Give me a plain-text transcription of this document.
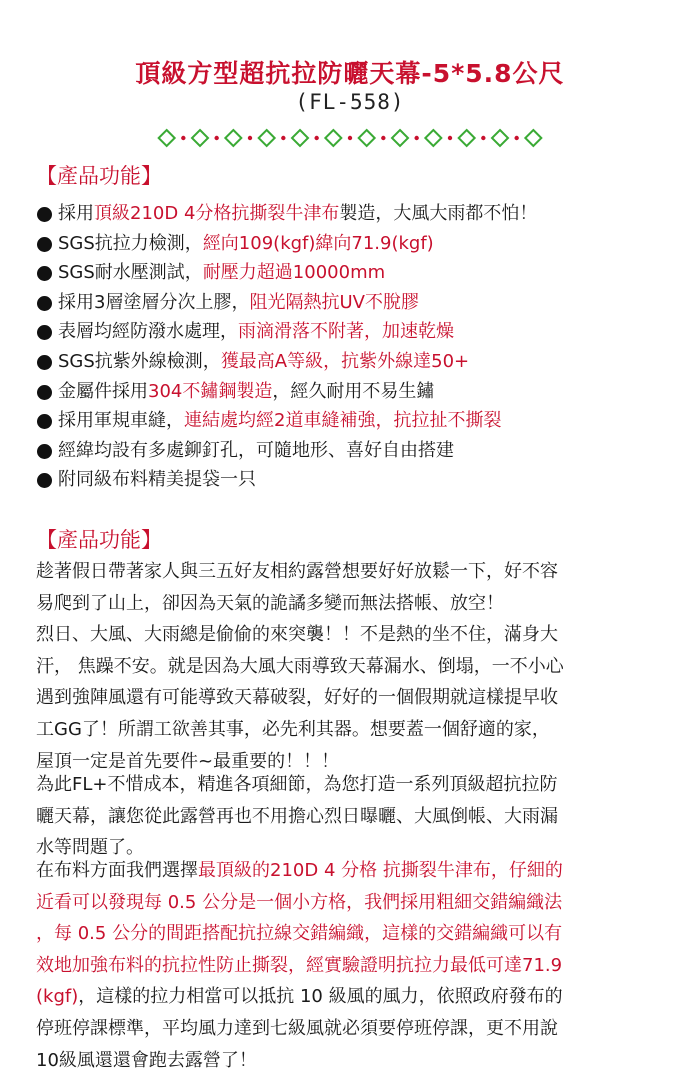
頂級方型超抗拉防曬天幕-5*5.8公尺
(FL-558)
【產品功能】
採用頂級210D 4分格抗撕裂牛津布製造，大風大雨都不怕！
SGS抗拉力檢測，經向109(kgf)緯向71.9(kgf)
SGS耐水壓測試，耐壓力超過10000mm
採用3層塗層分次上膠，阻光隔熱抗UV不脫膠
表層均經防潑水處理，雨滴滑落不附著，加速乾燥
SGS抗紫外線檢測，獲最高A等級，抗紫外線達50+
金屬件採用304不鏽鋼製造，經久耐用不易生鏽
採用軍規車縫，連結處均經2道車縫補強，抗拉扯不撕裂
經緯均設有多處鉚釘孔，可隨地形、喜好自由搭建
附同級布料精美提袋一只
【產品功能】
趁著假日帶著家人與三五好友相約露營想要好好放鬆一下，好不容
易爬到了山上，卻因為天氣的詭譎多變而無法搭帳、放空！
烈日、大風、大雨總是偷偷的來突襲！！不是熱的坐不住，滿身大
汗， 焦躁不安。就是因為大風大雨導致天幕漏水、倒塌，一不小心
遇到強陣風還有可能導致天幕破裂，好好的一個假期就這樣提早收
工GG了！所謂工欲善其事，必先利其器。想要蓋一個舒適的家，
屋頂一定是首先要件~最重要的！！！
為此FL+不惜成本，精進各項細節，為您打造一系列頂級超抗拉防
曬天幕，讓您從此露營再也不用擔心烈日曝曬、大風倒帳、大雨漏
水等問題了。
在布料方面我們選擇最頂級的210D 4 分格 抗撕裂牛津布，仔細的
近看可以發現每 0.5 公分是一個小方格，我們採用粗細交錯編織法
，每 0.5 公分的間距搭配抗拉線交錯編織，這樣的交錯編織可以有
效地加強布料的抗拉性防止撕裂，經實驗證明抗拉力最低可達71.9
(kgf)，這樣的拉力相當可以抵抗 10 級風的風力，依照政府發布的
停班停課標準，平均風力達到七級風就必須要停班停課，更不用說
10級風還還會跑去露營了！
